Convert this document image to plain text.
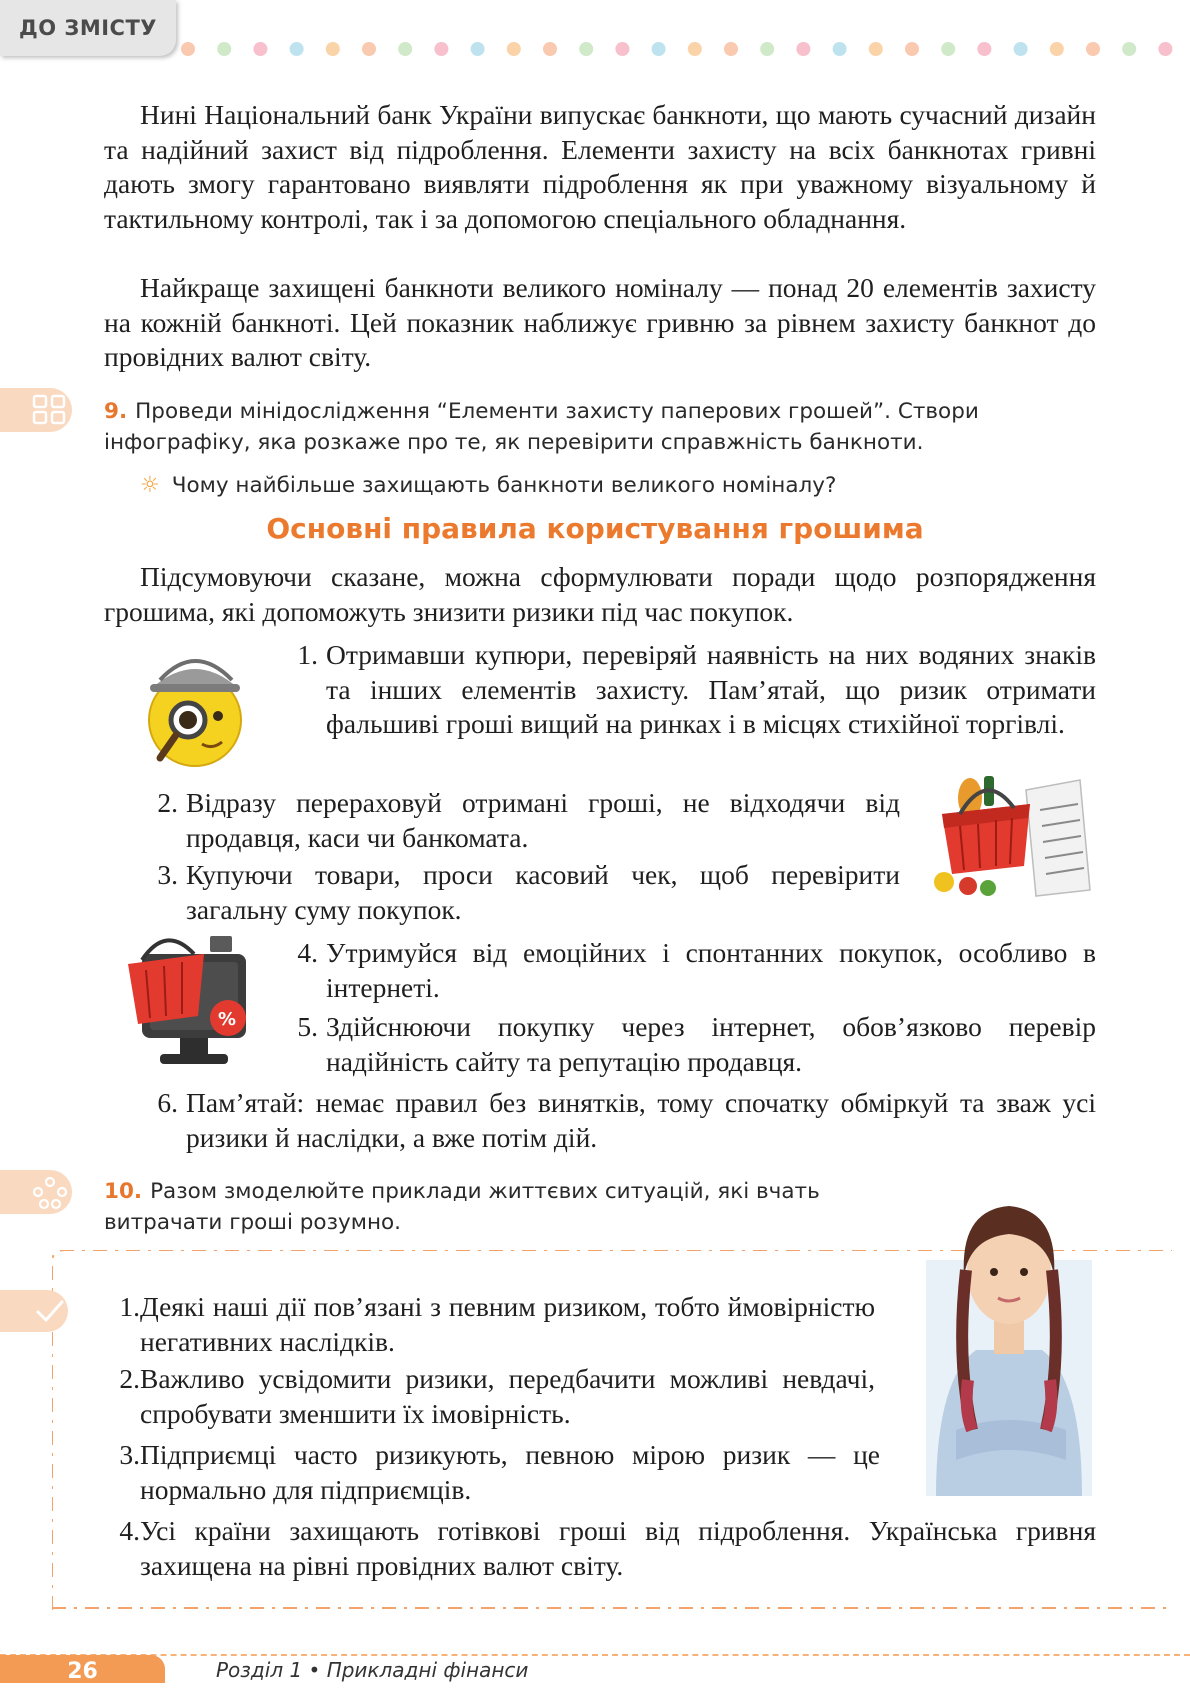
ДО ЗМІСТУ

Нині Національний банк України випускає банкноти, що мають сучасний дизайн та надійний захист від підроблення. Елементи захисту на всіх банкнотах гривні дають змогу гарантовано виявляти підроблення як при уважному візуальному й тактильному контролі, так і за допомогою спеціального обладнання.

Найкраще захищені банкноти великого номіналу — понад 20 елементів захисту на кожній банкноті. Цей показник наближує гривню за рівнем захисту банкнот до провідних валют світу.

9. Проведи мінідослідження “Елементи захисту паперових грошей”. Створи інфографіку, яка розкаже про те, як перевірити справжність банкноти.

☼ Чому найбільше захищають банкноти великого номіналу?
Основні правила користування грошима

Підсумовуючи сказане, можна сформулювати поради щодо розпорядження грошима, які допоможуть знизити ризики під час покупок.

1. Отримавши купюри, перевіряй наявність на них водяних знаків та інших елементів захисту. Пам’ятай, що ризик отримати фальшиві гроші вищий на ринках і в місцях стихійної торгівлі.
2. Відразу перераховуй отримані гроші, не відходячи від продавця, каси чи банкомата.
3. Купуючи товари, проси касовий чек, щоб перевірити загальну суму покупок.
%
4. Утримуйся від емоційних і спонтанних покупок, особливо в інтернеті.
5. Здійснюючи покупку через інтернет, обов’язково перевір надійність сайту та репутацію продавця.
6. Пам’ятай: немає правил без винятків, тому спочатку обміркуй та зваж усі ризики й наслідки, а вже потім дій.

10. Разом змоделюйте приклади життєвих ситуацій, які вчать витрачати гроші розумно.

1. Деякі наші дії пов’язані з певним ризиком, тобто ймовірністю негативних наслідків.
2. Важливо усвідомити ризики, передбачити можливі невдачі, спробувати зменшити їх імовірність.
3. Підприємці часто ризикують, певною мірою ризик — це нормально для підприємців.
4. Усі країни захищають готівкові гроші від підроблення. Українська гривня захищена на рівні провідних валют світу.
26	Розділ 1 • Прикладні фінанси
